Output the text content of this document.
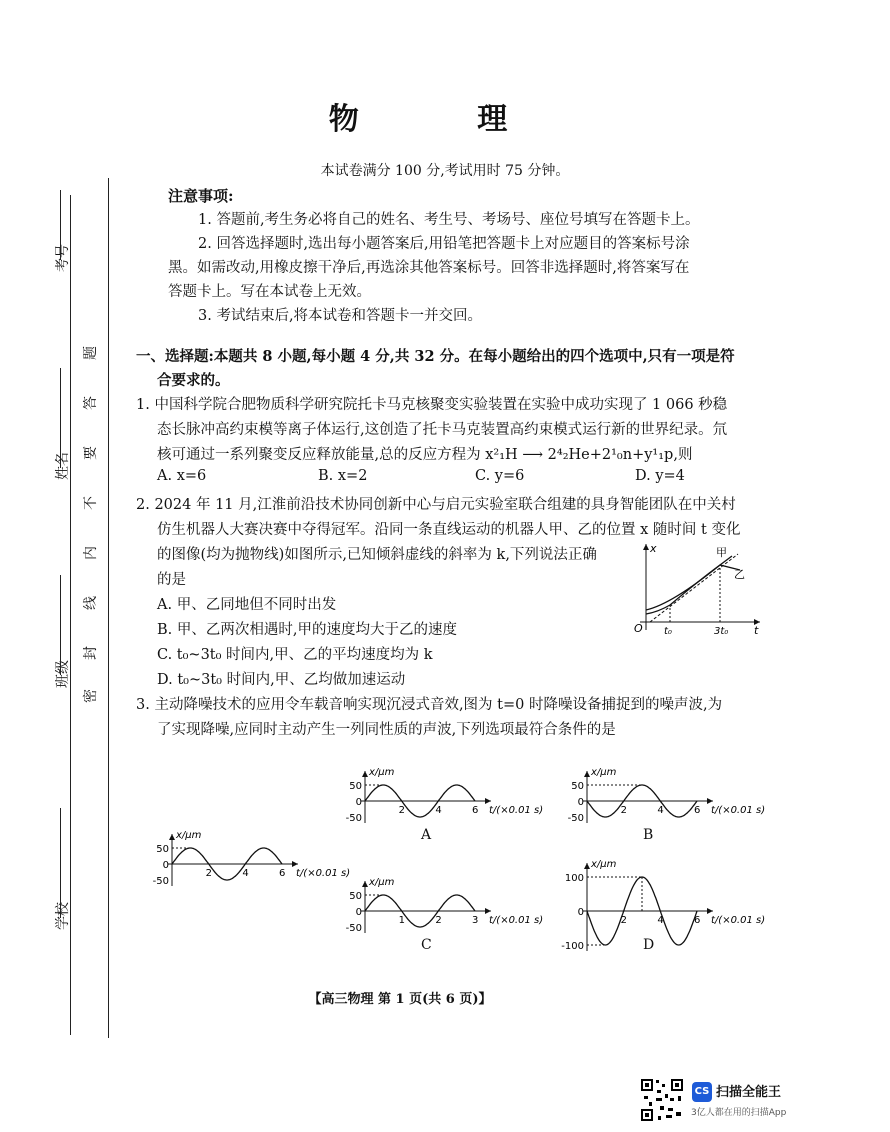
考号
姓名
班级
学校
题
答
要
不
内
线
封
密
物 理
本试卷满分 100 分,考试用时 75 分钟。
注意事项:
1. 答题前,考生务必将自己的姓名、考生号、考场号、座位号填写在答题卡上。
2. 回答选择题时,选出每小题答案后,用铅笔把答题卡上对应题目的答案标号涂
黑。如需改动,用橡皮擦干净后,再选涂其他答案标号。回答非选择题时,将答案写在
答题卡上。写在本试卷上无效。
3. 考试结束后,将本试卷和答题卡一并交回。
一、选择题:本题共 8 小题,每小题 4 分,共 32 分。在每小题给出的四个选项中,只有一项是符
合要求的。
1. 中国科学院合肥物质科学研究院托卡马克核聚变实验装置在实验中成功实现了 1 066 秒稳
态长脉冲高约束模等离子体运行,这创造了托卡马克装置高约束模式运行新的世界纪录。氘
核可通过一系列聚变反应释放能量,总的反应方程为 x²₁H ⟶ 2⁴₂He+2¹₀n+y¹₁p,则
A. x=6	B. x=2	C. y=6	D. y=4
2. 2024 年 11 月,江淮前沿技术协同创新中心与启元实验室联合组建的具身智能团队在中关村
仿生机器人大赛决赛中夺得冠军。沿同一条直线运动的机器人甲、乙的位置 x 随时间 t 变化
的图像(均为抛物线)如图所示,已知倾斜虚线的斜率为 k,下列说法正确
的是
A. 甲、乙同地但不同时出发
B. 甲、乙两次相遇时,甲的速度均大于乙的速度
C. t₀~3t₀ 时间内,甲、乙的平均速度均为 k
D. t₀~3t₀ 时间内,甲、乙均做加速运动
x
t
O t₀	3t₀
甲
乙
3. 主动降噪技术的应用令车载音响实现沉浸式音效,图为 t=0 时降噪设备捕捉到的噪声波,为
了实现降噪,应同时主动产生一列同性质的声波,下列选项最符合条件的是
x/μm
t/(×0.01 s)
50
0
-50
2	4	6
x/μm
t/(×0.01 s)
50
0
-50
2	4	6
A
x/μm
t/(×0.01 s)
50
0
-50
2	4	6
B
x/μm
t/(×0.01 s)
50
0
-50
1	2	3
C
x/μm
t/(×0.01 s)
100
0
-100
2	4	6
D
【高三物理 第 1 页(共 6 页)】
CS 扫描全能王
3亿人都在用的扫描App
